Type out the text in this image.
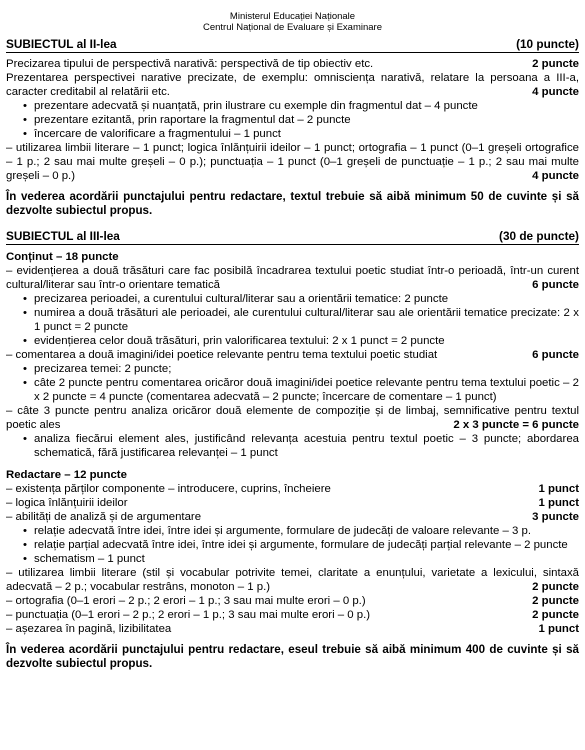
Ministerul Educației Naționale
Centrul Național de Evaluare și Examinare
SUBIECTUL al II-lea	(10 puncte)
Precizarea tipului de perspectivă narativă: perspectivă de tip obiectiv etc.	2 puncte
Prezentarea perspectivei narative precizate, de exemplu: omnisciența narativă, relatare la persoana a III-a, caracter creditabil al relatării etc.	4 puncte
• prezentare adecvată și nuanțată, prin ilustrare cu exemple din fragmentul dat – 4 puncte
• prezentare ezitantă, prin raportare la fragmentul dat – 2 puncte
• încercare de valorificare a fragmentului – 1 punct
– utilizarea limbii literare – 1 punct; logica înlănțuirii ideilor – 1 punct; ortografia – 1 punct (0–1 greșeli ortografice – 1 p.; 2 sau mai multe greșeli – 0 p.); punctuația – 1 punct (0–1 greșeli de punctuație – 1 p.; 2 sau mai multe greșeli – 0 p.)	4 puncte
În vederea acordării punctajului pentru redactare, textul trebuie să aibă minimum 50 de cuvinte și să dezvolte subiectul propus.
SUBIECTUL al III-lea	(30 de puncte)
Conținut – 18 puncte
– evidențierea a două trăsături care fac posibilă încadrarea textului poetic studiat într-o perioadă, într-un curent cultural/literar sau într-o orientare tematică	6 puncte
• precizarea perioadei, a curentului cultural/literar sau a orientării tematice: 2 puncte
• numirea a două trăsături ale perioadei, ale curentului cultural/literar sau ale orientării tematice precizate: 2 x 1 punct = 2 puncte
• evidențierea celor două trăsături, prin valorificarea textului: 2 x 1 punct = 2 puncte
– comentarea a două imagini/idei poetice relevante pentru tema textului poetic studiat	6 puncte
• precizarea temei: 2 puncte;
• câte 2 puncte pentru comentarea oricăror două imagini/idei poetice relevante pentru tema textului poetic – 2 x 2 puncte = 4 puncte (comentarea adecvată – 2 puncte; încercare de comentare – 1 punct)
– câte 3 puncte pentru analiza oricăror două elemente de compoziție și de limbaj, semnificative pentru textul poetic ales	2 x 3 puncte = 6 puncte
• analiza fiecărui element ales, justificând relevanța acestuia pentru textul poetic – 3 puncte; abordarea schematică, fără justificarea relevanței – 1 punct
Redactare – 12 puncte
– existența părților componente – introducere, cuprins, încheiere	1 punct
– logica înlănțuirii ideilor	1 punct
– abilități de analiză și de argumentare	3 puncte
• relație adecvată între idei, între idei și argumente, formulare de judecăți de valoare relevante – 3 p.
• relație parțial adecvată între idei, între idei și argumente, formulare de judecăți parțial relevante – 2 puncte
• schematism – 1 punct
– utilizarea limbii literare (stil și vocabular potrivite temei, claritate a enunțului, varietate a lexicului, sintaxă adecvată – 2 p.; vocabular restrâns, monoton – 1 p.)	2 puncte
– ortografia (0–1 erori – 2 p.; 2 erori – 1 p.; 3 sau mai multe erori – 0 p.)	2 puncte
– punctuația (0–1 erori – 2 p.; 2 erori – 1 p.; 3 sau mai multe erori – 0 p.)	2 puncte
– așezarea în pagină, lizibilitatea	1 punct
În vederea acordării punctajului pentru redactare, eseul trebuie să aibă minimum 400 de cuvinte și să dezvolte subiectul propus.
